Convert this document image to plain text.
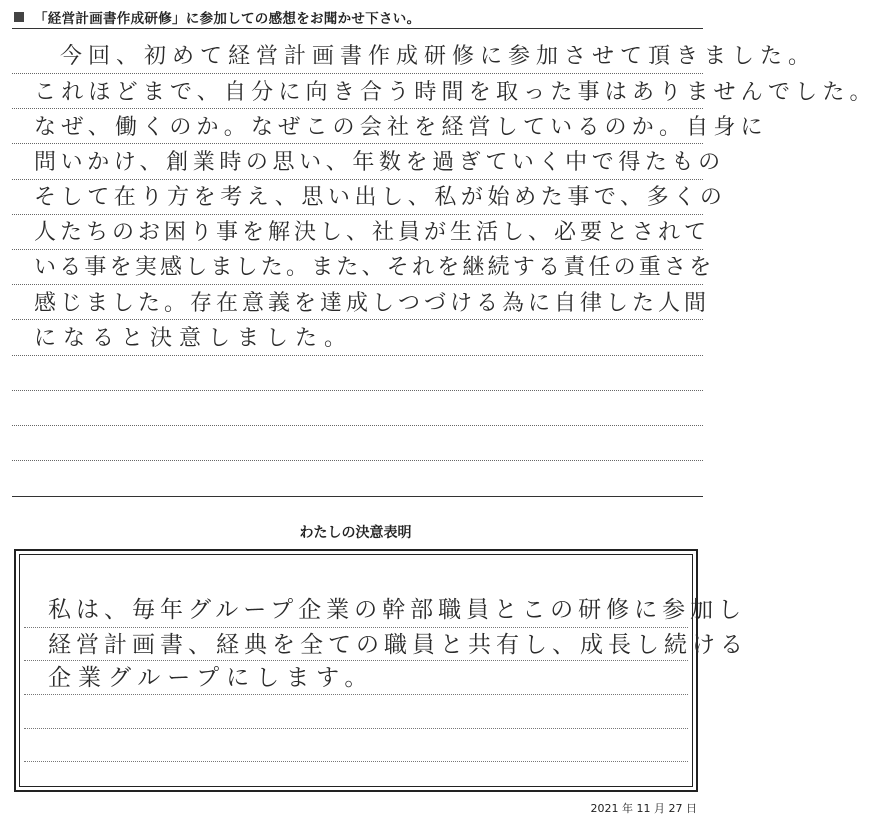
「経営計画書作成研修」に参加しての感想をお聞かせ下さい。
今回、初めて経営計画書作成研修に参加させて頂きました。
これほどまで、自分に向き合う時間を取った事はありませんでした。
なぜ、働くのか。なぜこの会社を経営しているのか。自身に
問いかけ、創業時の思い、年数を過ぎていく中で得たもの
そして在り方を考え、思い出し、私が始めた事で、多くの
人たちのお困り事を解決し、社員が生活し、必要とされて
いる事を実感しました。また、それを継続する責任の重さを
感じました。存在意義を達成しつづける為に自律した人間
になると決意しました。
わたしの決意表明
私は、毎年グループ企業の幹部職員とこの研修に参加し
経営計画書、経典を全ての職員と共有し、成長し続ける
企業グループにします。
2021 年 11 月 27 日
